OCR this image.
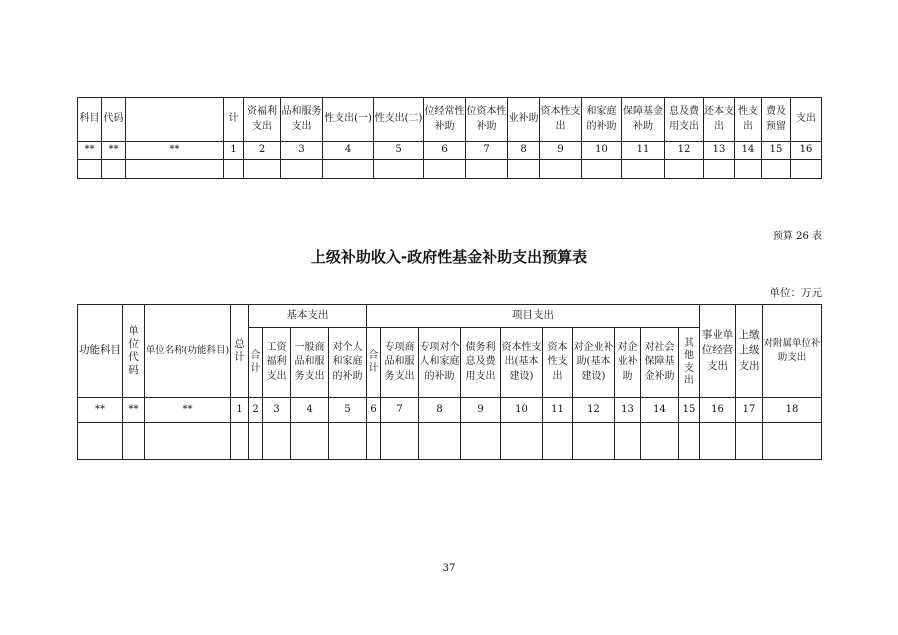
科目	代码		计	资福利支出	品和服务支出	性支出(一)	性支出(二)	位经常性补助	位资本性补助	业补助	资本性支出	和家庭的补助	保障基金补助	息及费用支出	还本支出	性支出	费及预留	支出
**	**	**	1	2	3	4	5	6	7	8	9	10	11	12	13	14	15	16

预算 26 表
上级补助收入-政府性基金补助支出预算表
单位：万元
功能科目	单位代码	单位名称(功能科目)	总计	基本支出				项目支出										事业单位经营支出	上缴上级支出	对附属单位补助支出

				合计	工资福利支出	一般商品和服务支出	对个人和家庭的补助	合计	专项商品和服务支出	专项对个人和家庭的补助	债务利息及费用支出	资本性支出(基本建设)	资本性支出	对企业补助(基本建设)	对企业补助	对社会保障基金补助	其他支出			

**	**	**	1	2	3	4	5	6	7	8	9	10	11	12	13	14	15	16	17	18

37
